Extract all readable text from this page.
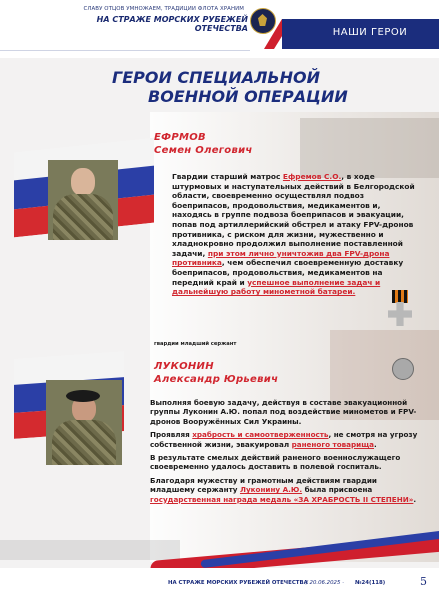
СЛАВУ ОТЦОВ УМНОЖАЕМ, ТРАДИЦИИ ФЛОТА ХРАНИМ
НА СТРАЖЕ МОРСКИХ РУБЕЖЕЙ ОТЕЧЕСТВА	НАШИ ГЕРОИ
ГЕРОИ СПЕЦИАЛЬНОЙ
ВОЕННОЙ ОПЕРАЦИИ
ЕФРМОВ
Семен Олегович
Гвардии старший матрос Ефремов С.О., в ходе штурмовых и наступательных действий в Белгородской области, своевременно осуществлял подвоз боеприпасов, продовольствия, медикаментов и, находясь в группе подвоза боеприпасов и эвакуации, попав под артиллерийский обстрел и атаку FPV-дронов противника, с риском для жизни, мужественно и хладнокровно продолжил выполнение поставленной задачи, при этом лично уничтожив два FPV-дрона противника, чем обеспечил своевременную доставку боеприпасов, продовольствия, медикаментов на передний край и успешное выполнение задач и дальнейшую работу минометной батареи.
гвардии младший сержант
ЛУКОНИН
Александр Юрьевич

Выполняя боевую задачу, действуя в составе эвакуационной группы Луконин А.Ю. попал под воздействие минометов и FPV-дронов Вооружённых Сил Украины.

Проявляя храбрость и самоотверженность, не смотря на угрозу собственной жизни, эвакуировал раненого товарища.

В результате смелых действий раненого военнослужащего своевременно удалось доставить в полевой госпиталь.

Благодаря мужеству и грамотным действиям гвардии младшему сержанту Луконину А.Ю. была присвоена государственная награда медаль «ЗА ХРАБРОСТЬ II СТЕПЕНИ».

НА СТРАЖЕ МОРСКИХ РУБЕЖЕЙ ОТЕЧЕСТВА
/ 20.06.2025 ·	№24(118)	5
